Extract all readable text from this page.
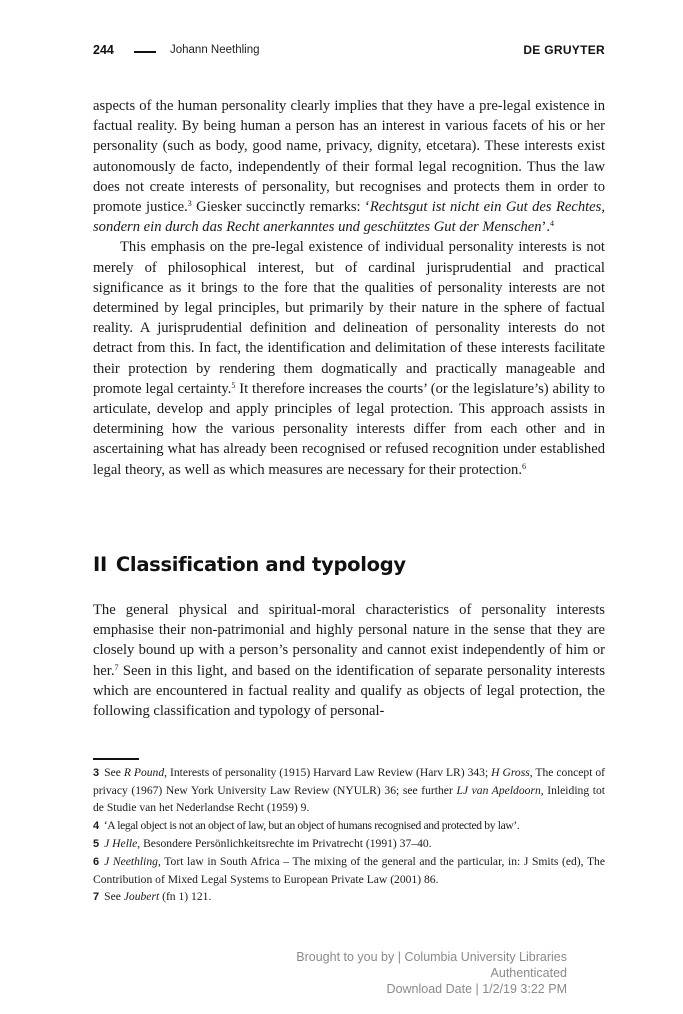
244	Johann Neethling	DE GRUYTER

aspects of the human personality clearly implies that they have a pre-legal existence in factual reality. By being human a person has an interest in various facets of his or her personality (such as body, good name, privacy, dignity, etcetara). These interests exist autonomously de facto, independently of their formal legal recognition. Thus the law does not create interests of personality, but recognises and protects them in order to promote justice.$^3$ Giesker succinctly remarks: ‘Rechtsgut ist nicht ein Gut des Rechtes, sondern ein durch das Recht anerkanntes und geschütztes Gut der Menschen’.$^4$

This emphasis on the pre-legal existence of individual personality interests is not merely of philosophical interest, but of cardinal jurisprudential and practical significance as it brings to the fore that the qualities of personality interests are not determined by legal principles, but primarily by their nature in the sphere of factual reality. A jurisprudential definition and delineation of personality interests do not detract from this. In fact, the identification and delimitation of these interests facilitate their protection by rendering them dogmatically and practically manageable and promote legal certainty.$^5$ It therefore increases the courts’ (or the legislature’s) ability to articulate, develop and apply principles of legal protection. This approach assists in determining how the various personality interests differ from each other and in ascertaining what has already been recognised or refused recognition under established legal theory, as well as which measures are necessary for their protection.$^6$

II Classification and typology

The general physical and spiritual-moral characteristics of personality interests emphasise their non-patrimonial and highly personal nature in the sense that they are closely bound up with a person’s personality and cannot exist independently of him or her.$^7$ Seen in this light, and based on the identification of separate personality interests which are encountered in factual reality and qualify as objects of legal protection, the following classification and typology of personal-

3 See R Pound, Interests of personality (1915) Harvard Law Review (Harv LR) 343; H Gross, The concept of privacy (1967) New York University Law Review (NYULR) 36; see further LJ van Apeldoorn, Inleiding tot de Studie van het Nederlandse Recht (1959) 9.

4 ‘A legal object is not an object of law, but an object of humans recognised and protected by law’.

5 J Helle, Besondere Persönlichkeitsrechte im Privatrecht (1991) 37–40.

6 J Neethling, Tort law in South Africa – The mixing of the general and the particular, in: J Smits (ed), The Contribution of Mixed Legal Systems to European Private Law (2001) 86.

7 See Joubert (fn 1) 121.

Brought to you by | Columbia University Libraries
Authenticated
Download Date | 1/2/19 3:22 PM
